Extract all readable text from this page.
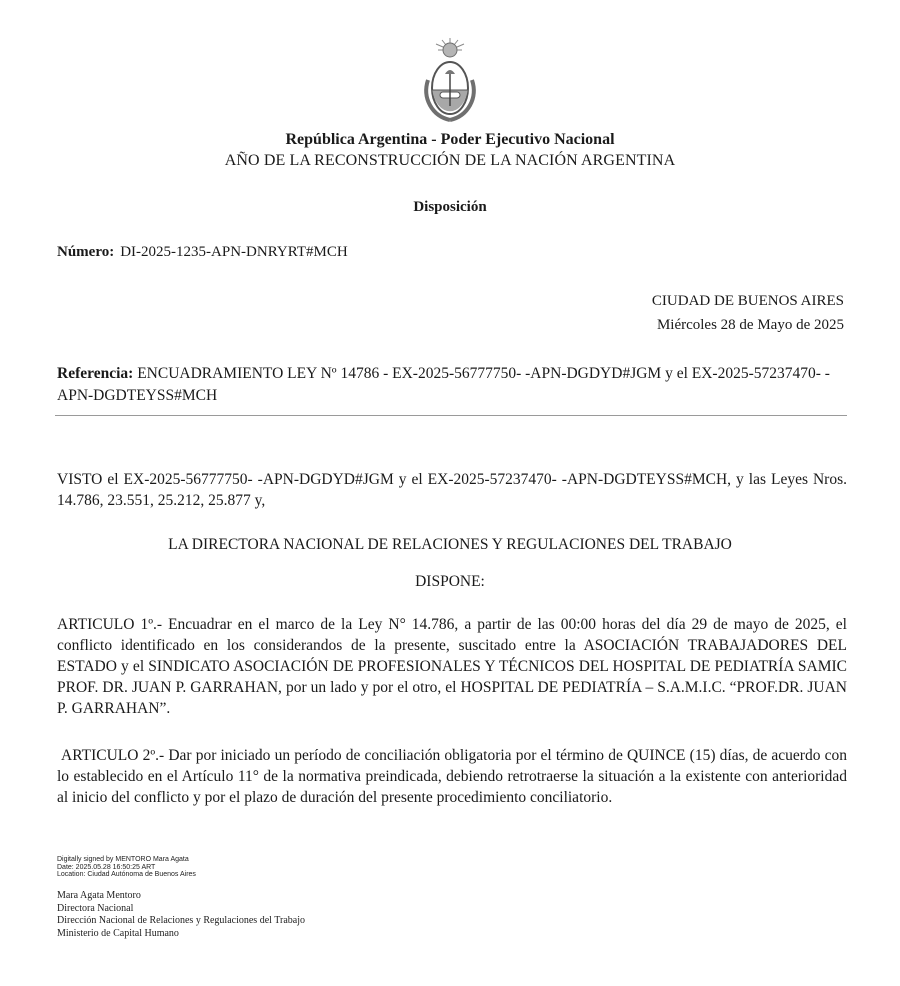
República Argentina - Poder Ejecutivo Nacional
AÑO DE LA RECONSTRUCCIÓN DE LA NACIÓN ARGENTINA
Disposición
Número: DI-2025-1235-APN-DNRYRT#MCH
CIUDAD DE BUENOS AIRES
Miércoles 28 de Mayo de 2025
Referencia: ENCUADRAMIENTO LEY Nº 14786 - EX-2025-56777750- -APN-DGDYD#JGM y el EX-2025-57237470- -APN-DGDTEYSS#MCH
VISTO el EX-2025-56777750- -APN-DGDYD#JGM y el EX-2025-57237470- -APN-DGDTEYSS#MCH, y las Leyes Nros. 14.786, 23.551, 25.212, 25.877 y,
LA DIRECTORA NACIONAL DE RELACIONES Y REGULACIONES DEL TRABAJO
DISPONE:
ARTICULO 1º.- Encuadrar en el marco de la Ley N° 14.786, a partir de las 00:00 horas del día 29 de mayo de 2025, el conflicto identificado en los considerandos de la presente, suscitado entre la ASOCIACIÓN TRABAJADORES DEL ESTADO y el SINDICATO ASOCIACIÓN DE PROFESIONALES Y TÉCNICOS DEL HOSPITAL DE PEDIATRÍA SAMIC PROF. DR. JUAN P. GARRAHAN, por un lado y por el otro, el HOSPITAL DE PEDIATRÍA – S.A.M.I.C. “PROF.DR. JUAN P. GARRAHAN”.
ARTICULO 2º.- Dar por iniciado un período de conciliación obligatoria por el término de QUINCE (15) días, de acuerdo con lo establecido en el Artículo 11° de la normativa preindicada, debiendo retrotraerse la situación a la existente con anterioridad al inicio del conflicto y por el plazo de duración del presente procedimiento conciliatorio.
Digitally signed by MENTORO Mara Agata
Date: 2025.05.28 16:50:25 ART
Location: Ciudad Autónoma de Buenos Aires
Mara Agata Mentoro
Directora Nacional
Dirección Nacional de Relaciones y Regulaciones del Trabajo
Ministerio de Capital Humano
